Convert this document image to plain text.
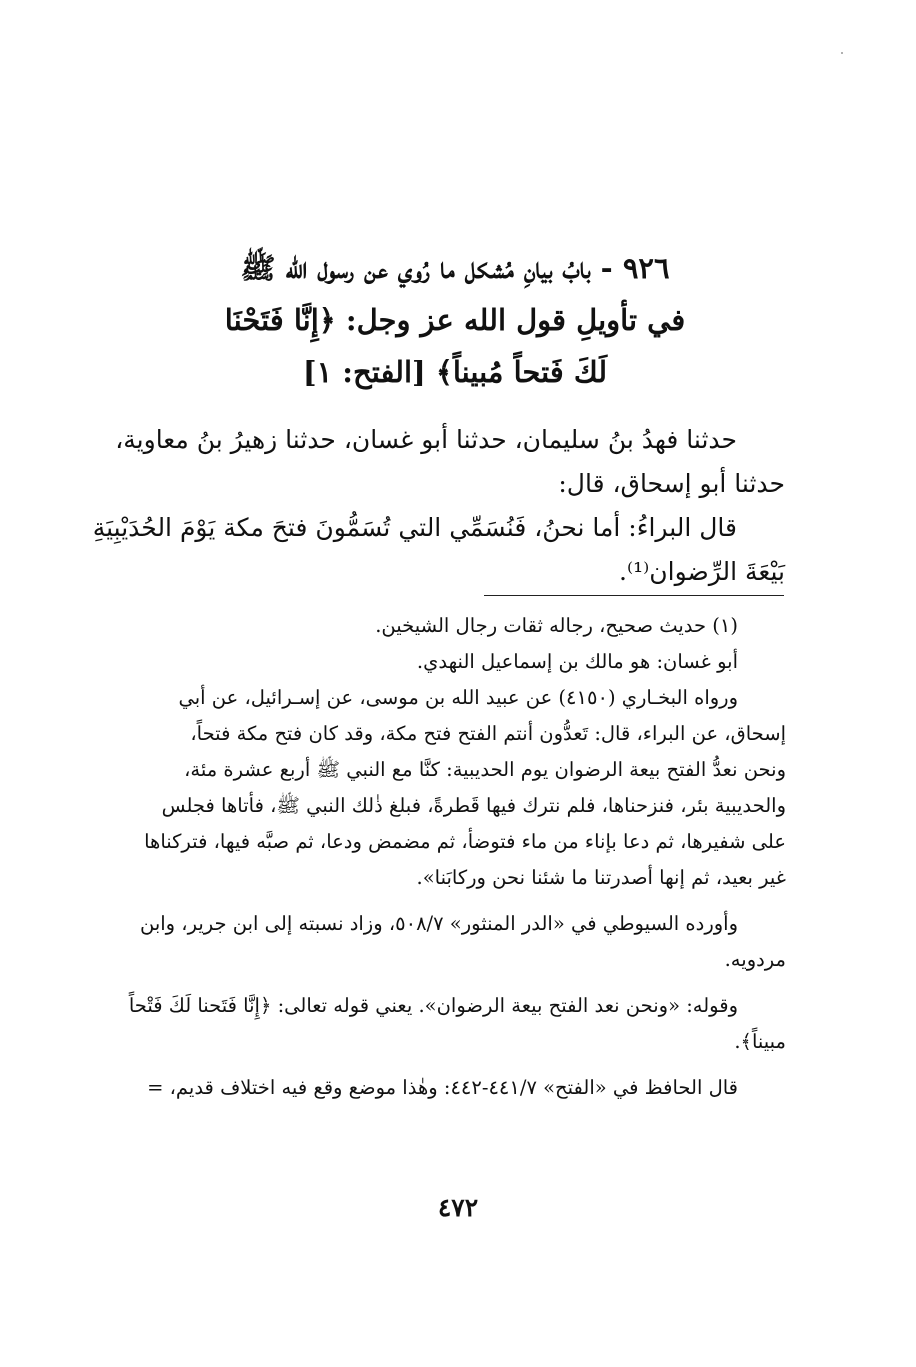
٩٢٦ - بابُ بيانِ مُشكل ما رُوي عن رسول الله ﷺ
في تأويلِ قول الله عز وجل: ﴿إِنَّا فَتَحْنَا
لَكَ فَتحاً مُبيناً﴾ [الفتح: ١]
حدثنا فهدُ بنُ سليمان، حدثنا أبو غسان، حدثنا زهيرُ بنُ معاوية،
حدثنا أبو إسحاق، قال:
قال البراءُ: أما نحنُ، فَنُسَمِّي التي تُسَمُّونَ فتحَ مكة يَوْمَ الحُدَيْبِيَةِ
بَيْعَةَ الرِّضوان⁽¹⁾.
(١) حديث صحيح، رجاله ثقات رجال الشيخين.
أبو غسان: هو مالك بن إسماعيل النهدي.
ورواه البخـاري (٤١٥٠) عن عبيد الله بن موسى، عن إسـرائيل، عن أبي
إسحاق، عن البراء، قال: تَعدُّون أنتم الفتح فتح مكة، وقد كان فتح مكة فتحاً،
ونحن نعدُّ الفتح بيعة الرضوان يوم الحديبية: كنَّا مع النبي ﷺ أربع عشرة مئة،
والحديبية بئر، فنزحناها، فلم نترك فيها قَطرةً، فبلغ ذٰلك النبي ﷺ، فأتاها فجلس
على شفيرها، ثم دعا بإناء من ماء فتوضأ، ثم مضمض ودعا، ثم صبَّه فيها، فتركناها
غير بعيد، ثم إنها أصدرتنا ما شئنا نحن وركابَنا».
وأورده السيوطي في «الدر المنثور» ٥٠٨/٧، وزاد نسبته إلى ابن جرير، وابن
مردويه.
وقوله: «ونحن نعد الفتح بيعة الرضوان». يعني قوله تعالى: ﴿إِنَّا فَتَحنا لَكَ فَتْحاً
مبيناً﴾.
قال الحافظ في «الفتح» ٤٤١/٧-٤٤٢: وهٰذا موضع وقع فيه اختلاف قديم، =
٤٧٢
